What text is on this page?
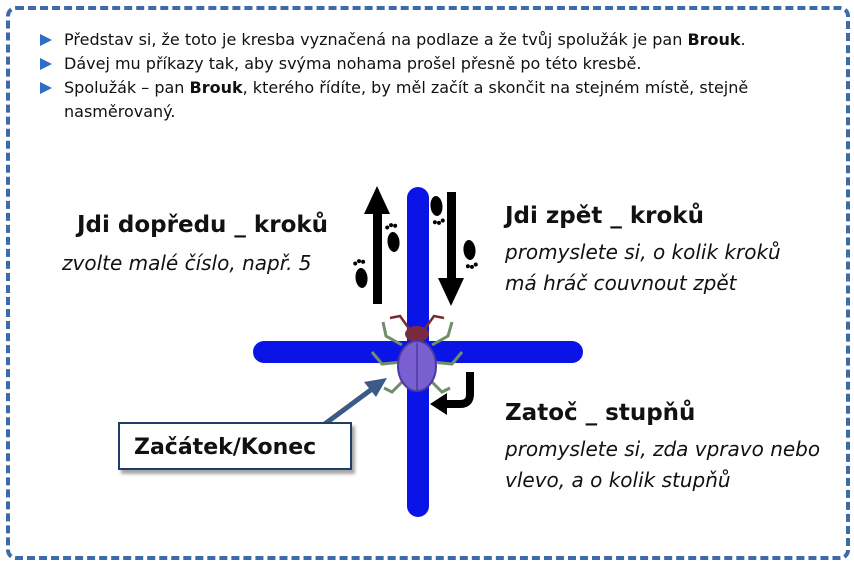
Představ si, že toto je kresba vyznačená na podlaze a že tvůj spolužák je pan Brouk.
Dávej mu příkazy tak, aby svýma nohama prošel přesně po této kresbě.
Spolužák – pan Brouk, kterého řídíte, by měl začít a skončit na stejném místě, stejně nasměrovaný.
Jdi dopředu _ kroků
zvolte malé číslo, např. 5
Jdi zpět _ kroků
promyslete si, o kolik kroků
má hráč couvnout zpět
Zatoč _ stupňů
promyslete si, zda vpravo nebo
vlevo, a o kolik stupňů
Začátek/Konec
